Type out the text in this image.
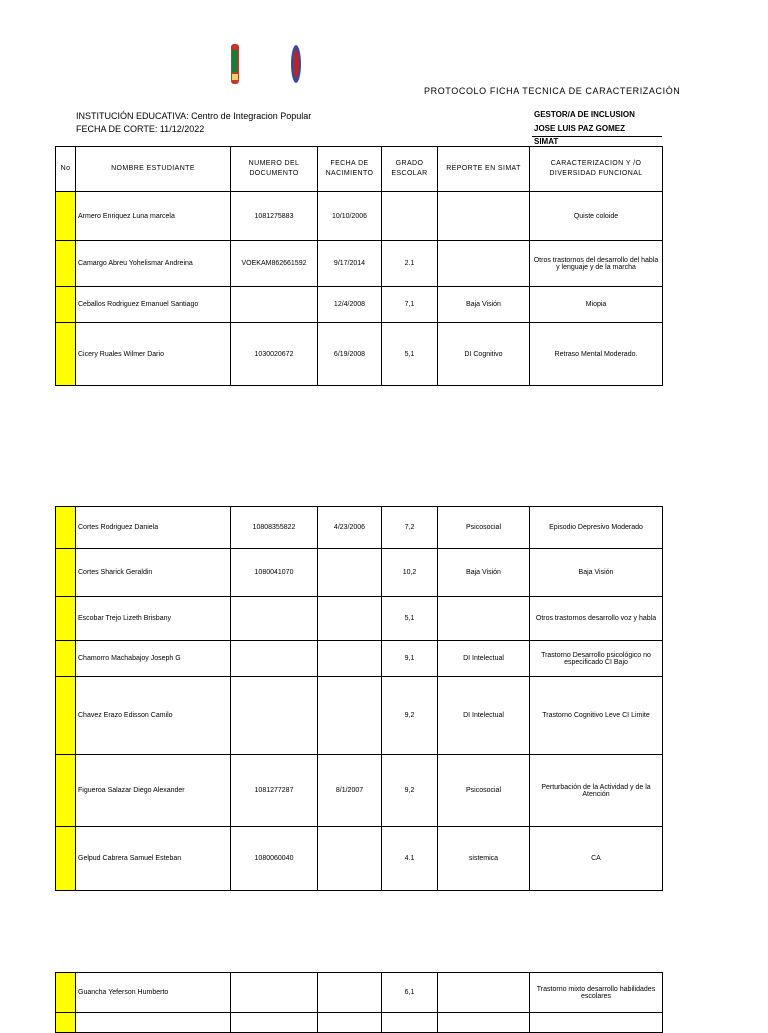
PROTOCOLO FICHA TECNICA DE CARACTERIZACIÓN
INSTITUCIÓN EDUCATIVA: Centro de Integracion Popular
FECHA DE CORTE: 11/12/2022
GESTOR/A DE INCLUSION
JOSE LUIS PAZ GOMEZ
SIMAT
No	NOMBRE ESTUDIANTE	NUMERO DEL DOCUMENTO	FECHA DE NACIMIENTO	GRADO ESCOLAR	REPORTE EN SIMAT	CARACTERIZACION Y /O DIVERSIDAD FUNCIONAL
	Armero Enriquez Luna marcela	1081275883	10/10/2006			Quiste coloide
	Camargo Abreu Yohelismar Andreina	VOEKAM862661592	9/17/2014	2.1		Otros trastornos del desarrollo del habla y lenguaje y de la marcha
	Ceballos Rodriguez Emanuel Santiago		12/4/2008	7,1	Baja Visión	Miopia
	Cicery Ruales Wilmer Dario	1030020672	6/19/2008	5,1	DI Cognitivo	Retraso Mental Moderado.
	Cortes Rodriguez Daniela	10808355822	4/23/2006	7,2	Psicosocial	Episodio Depresivo Moderado
	Cortes Sharick Geraldin	1080041070		10,2	Baja Visión	Baja Visión
	Escobar Trejo Lizeth Brisbany			5,1		Otros trastornos desarrollo voz y habla
	Chamorro Machabajoy Joseph G			9,1	DI Intelectual	Trastorno Desarrollo psicológico no especificado CI Bajo
	Chavez Erazo Edisson Camilo			9,2	DI Intelectual	Trastorno Cognitivo Leve CI Limite
	Figueroa Salazar Diego Alexander	1081277287	8/1/2007	9,2	Psicosocial	Perturbación de la Actividad y de la Atención
	Gelpud Cabrera Samuel Esteban	1080060040		4.1	sistemica	CA
	Guancha Yeferson Humberto			6,1		Trastorno mixto desarrollo habilidades escolares
